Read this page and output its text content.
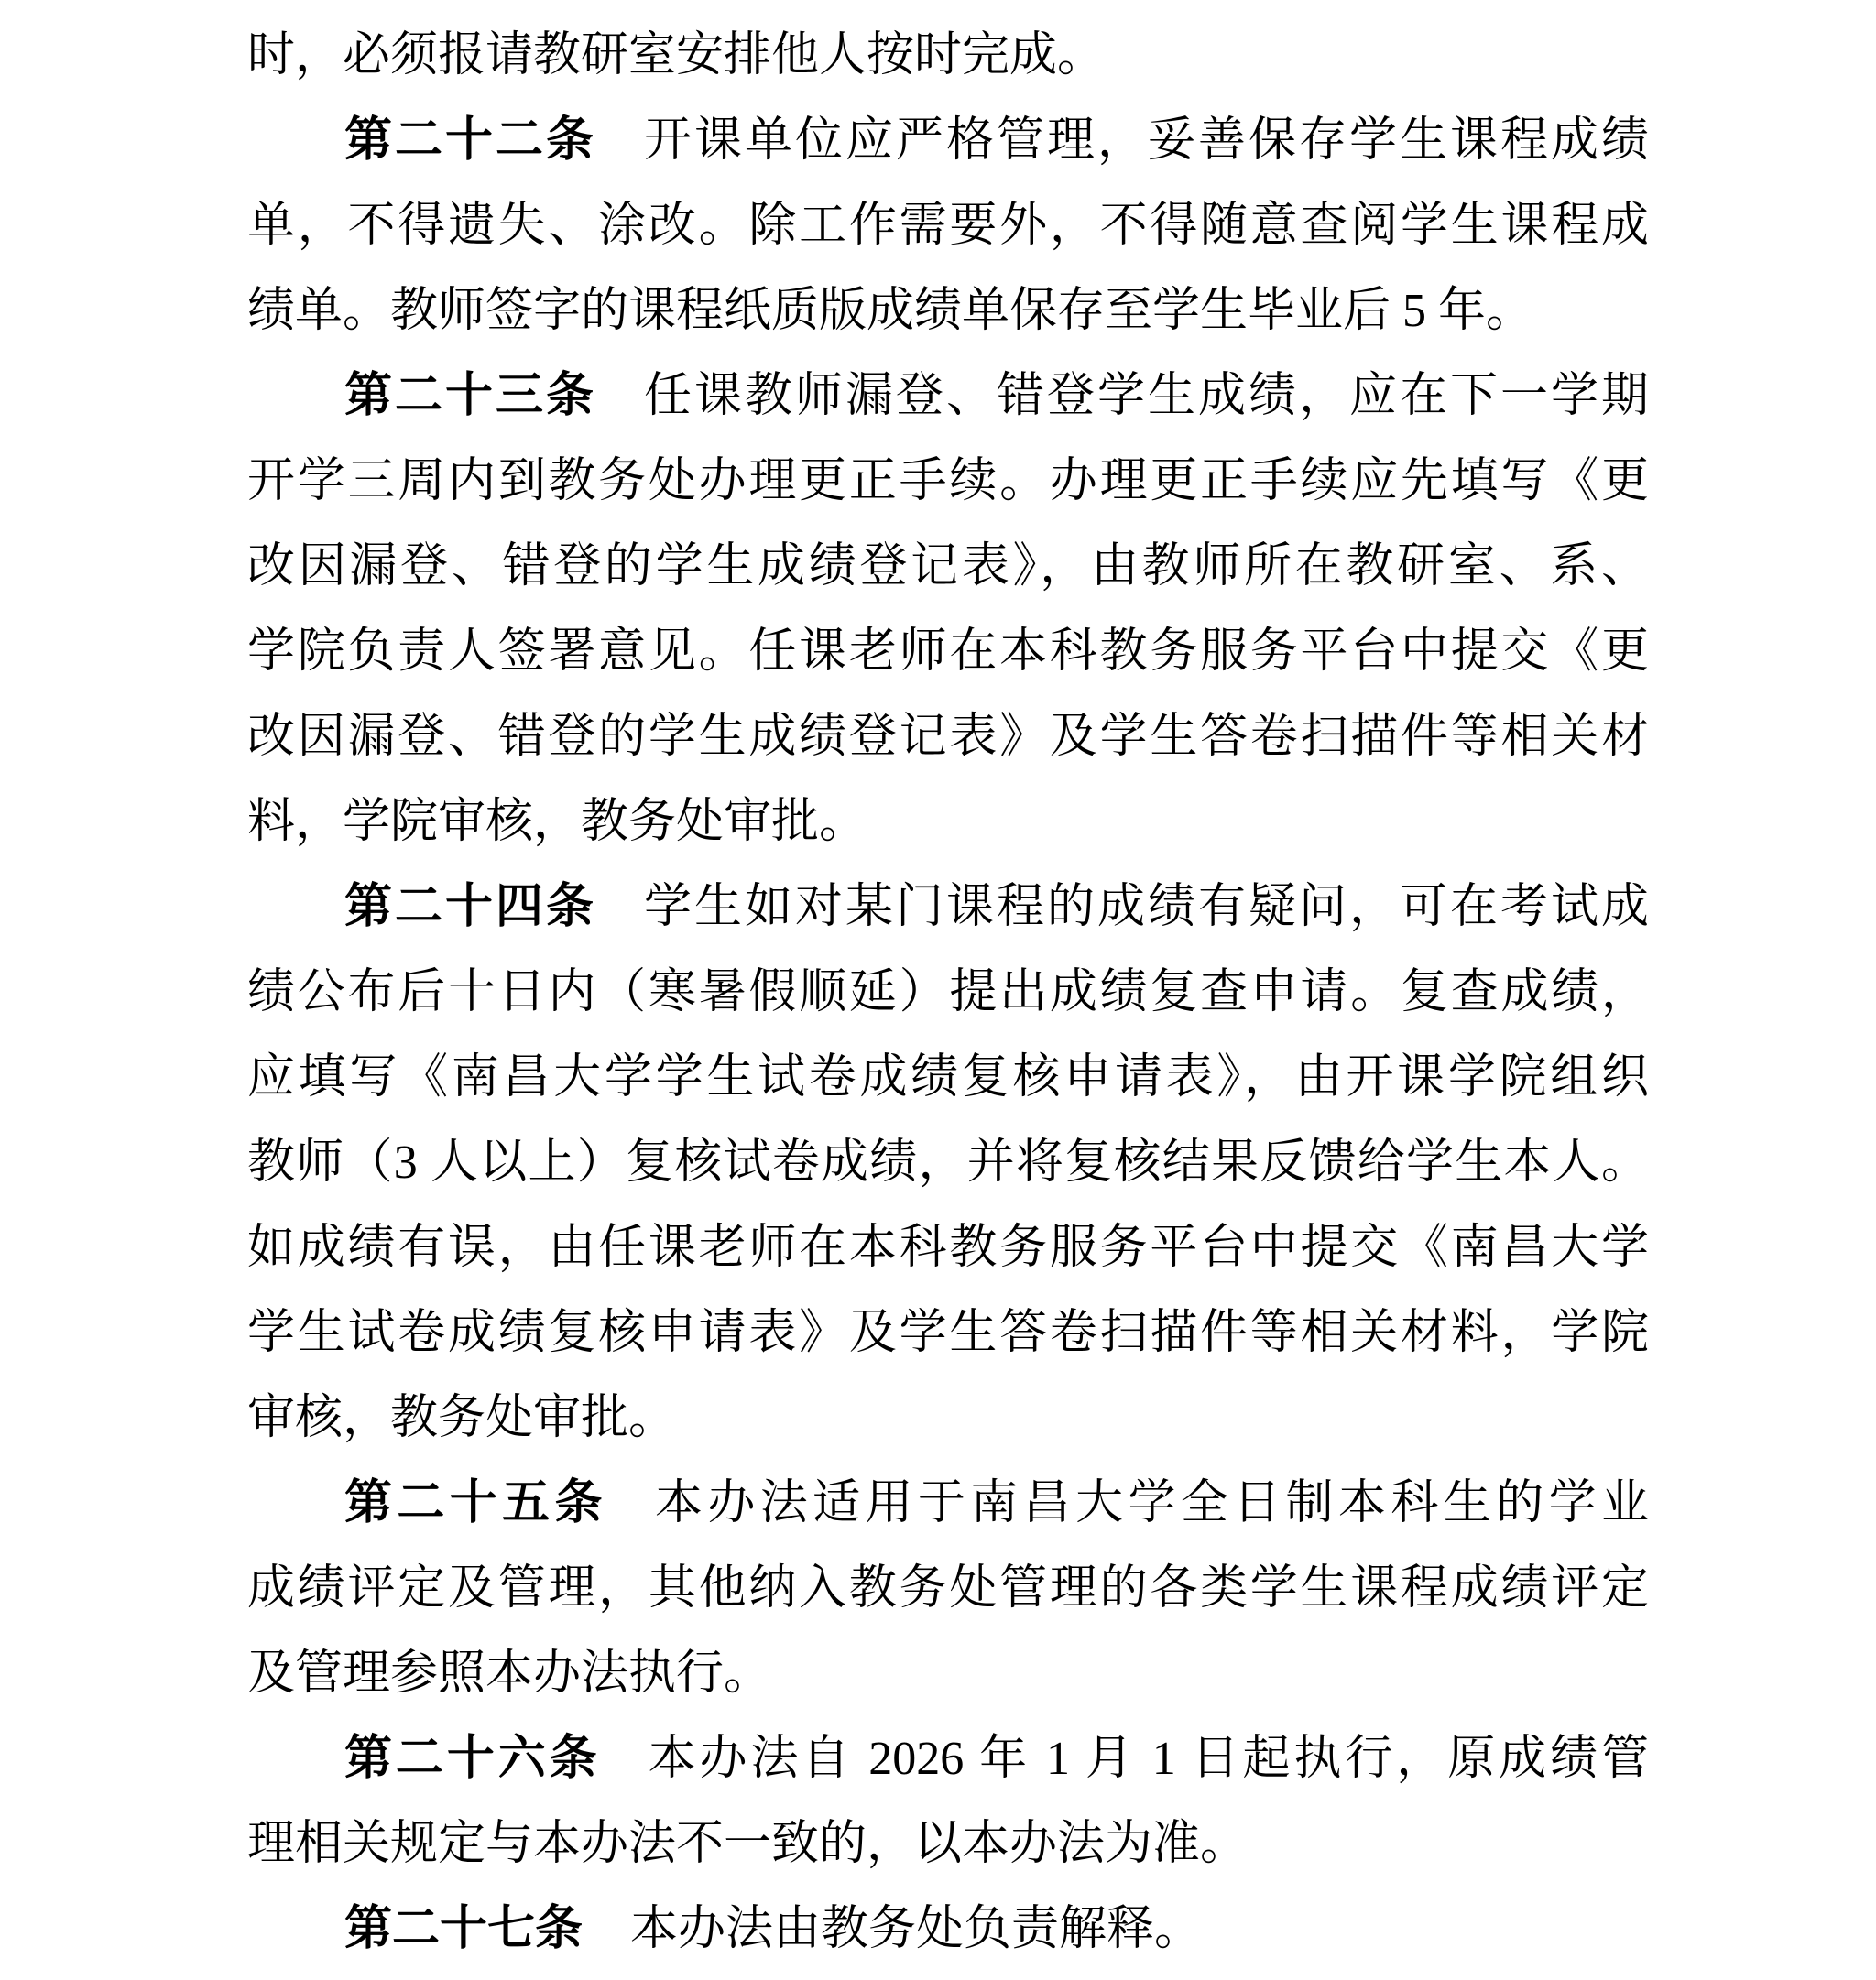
时，必须报请教研室安排他人按时完成。
第二十二条 开课单位应严格管理，妥善保存学生课程成绩
单，不得遗失、涂改。除工作需要外，不得随意查阅学生课程成
绩单。教师签字的课程纸质版成绩单保存至学生毕业后 5 年。
第二十三条 任课教师漏登、错登学生成绩，应在下一学期
开学三周内到教务处办理更正手续。办理更正手续应先填写《更
改因漏登、错登的学生成绩登记表》，由教师所在教研室、系、
学院负责人签署意见。任课老师在本科教务服务平台中提交《更
改因漏登、错登的学生成绩登记表》及学生答卷扫描件等相关材
料，学院审核，教务处审批。
第二十四条 学生如对某门课程的成绩有疑问，可在考试成
绩公布后十日内（寒暑假顺延）提出成绩复查申请。复查成绩，
应填写《南昌大学学生试卷成绩复核申请表》，由开课学院组织
教师（3 人以上）复核试卷成绩，并将复核结果反馈给学生本人。
如成绩有误，由任课老师在本科教务服务平台中提交《南昌大学
学生试卷成绩复核申请表》及学生答卷扫描件等相关材料，学院
审核，教务处审批。
第二十五条 本办法适用于南昌大学全日制本科生的学业
成绩评定及管理，其他纳入教务处管理的各类学生课程成绩评定
及管理参照本办法执行。
第二十六条 本办法自 2026 年 1 月 1 日起执行，原成绩管
理相关规定与本办法不一致的，以本办法为准。
第二十七条 本办法由教务处负责解释。
